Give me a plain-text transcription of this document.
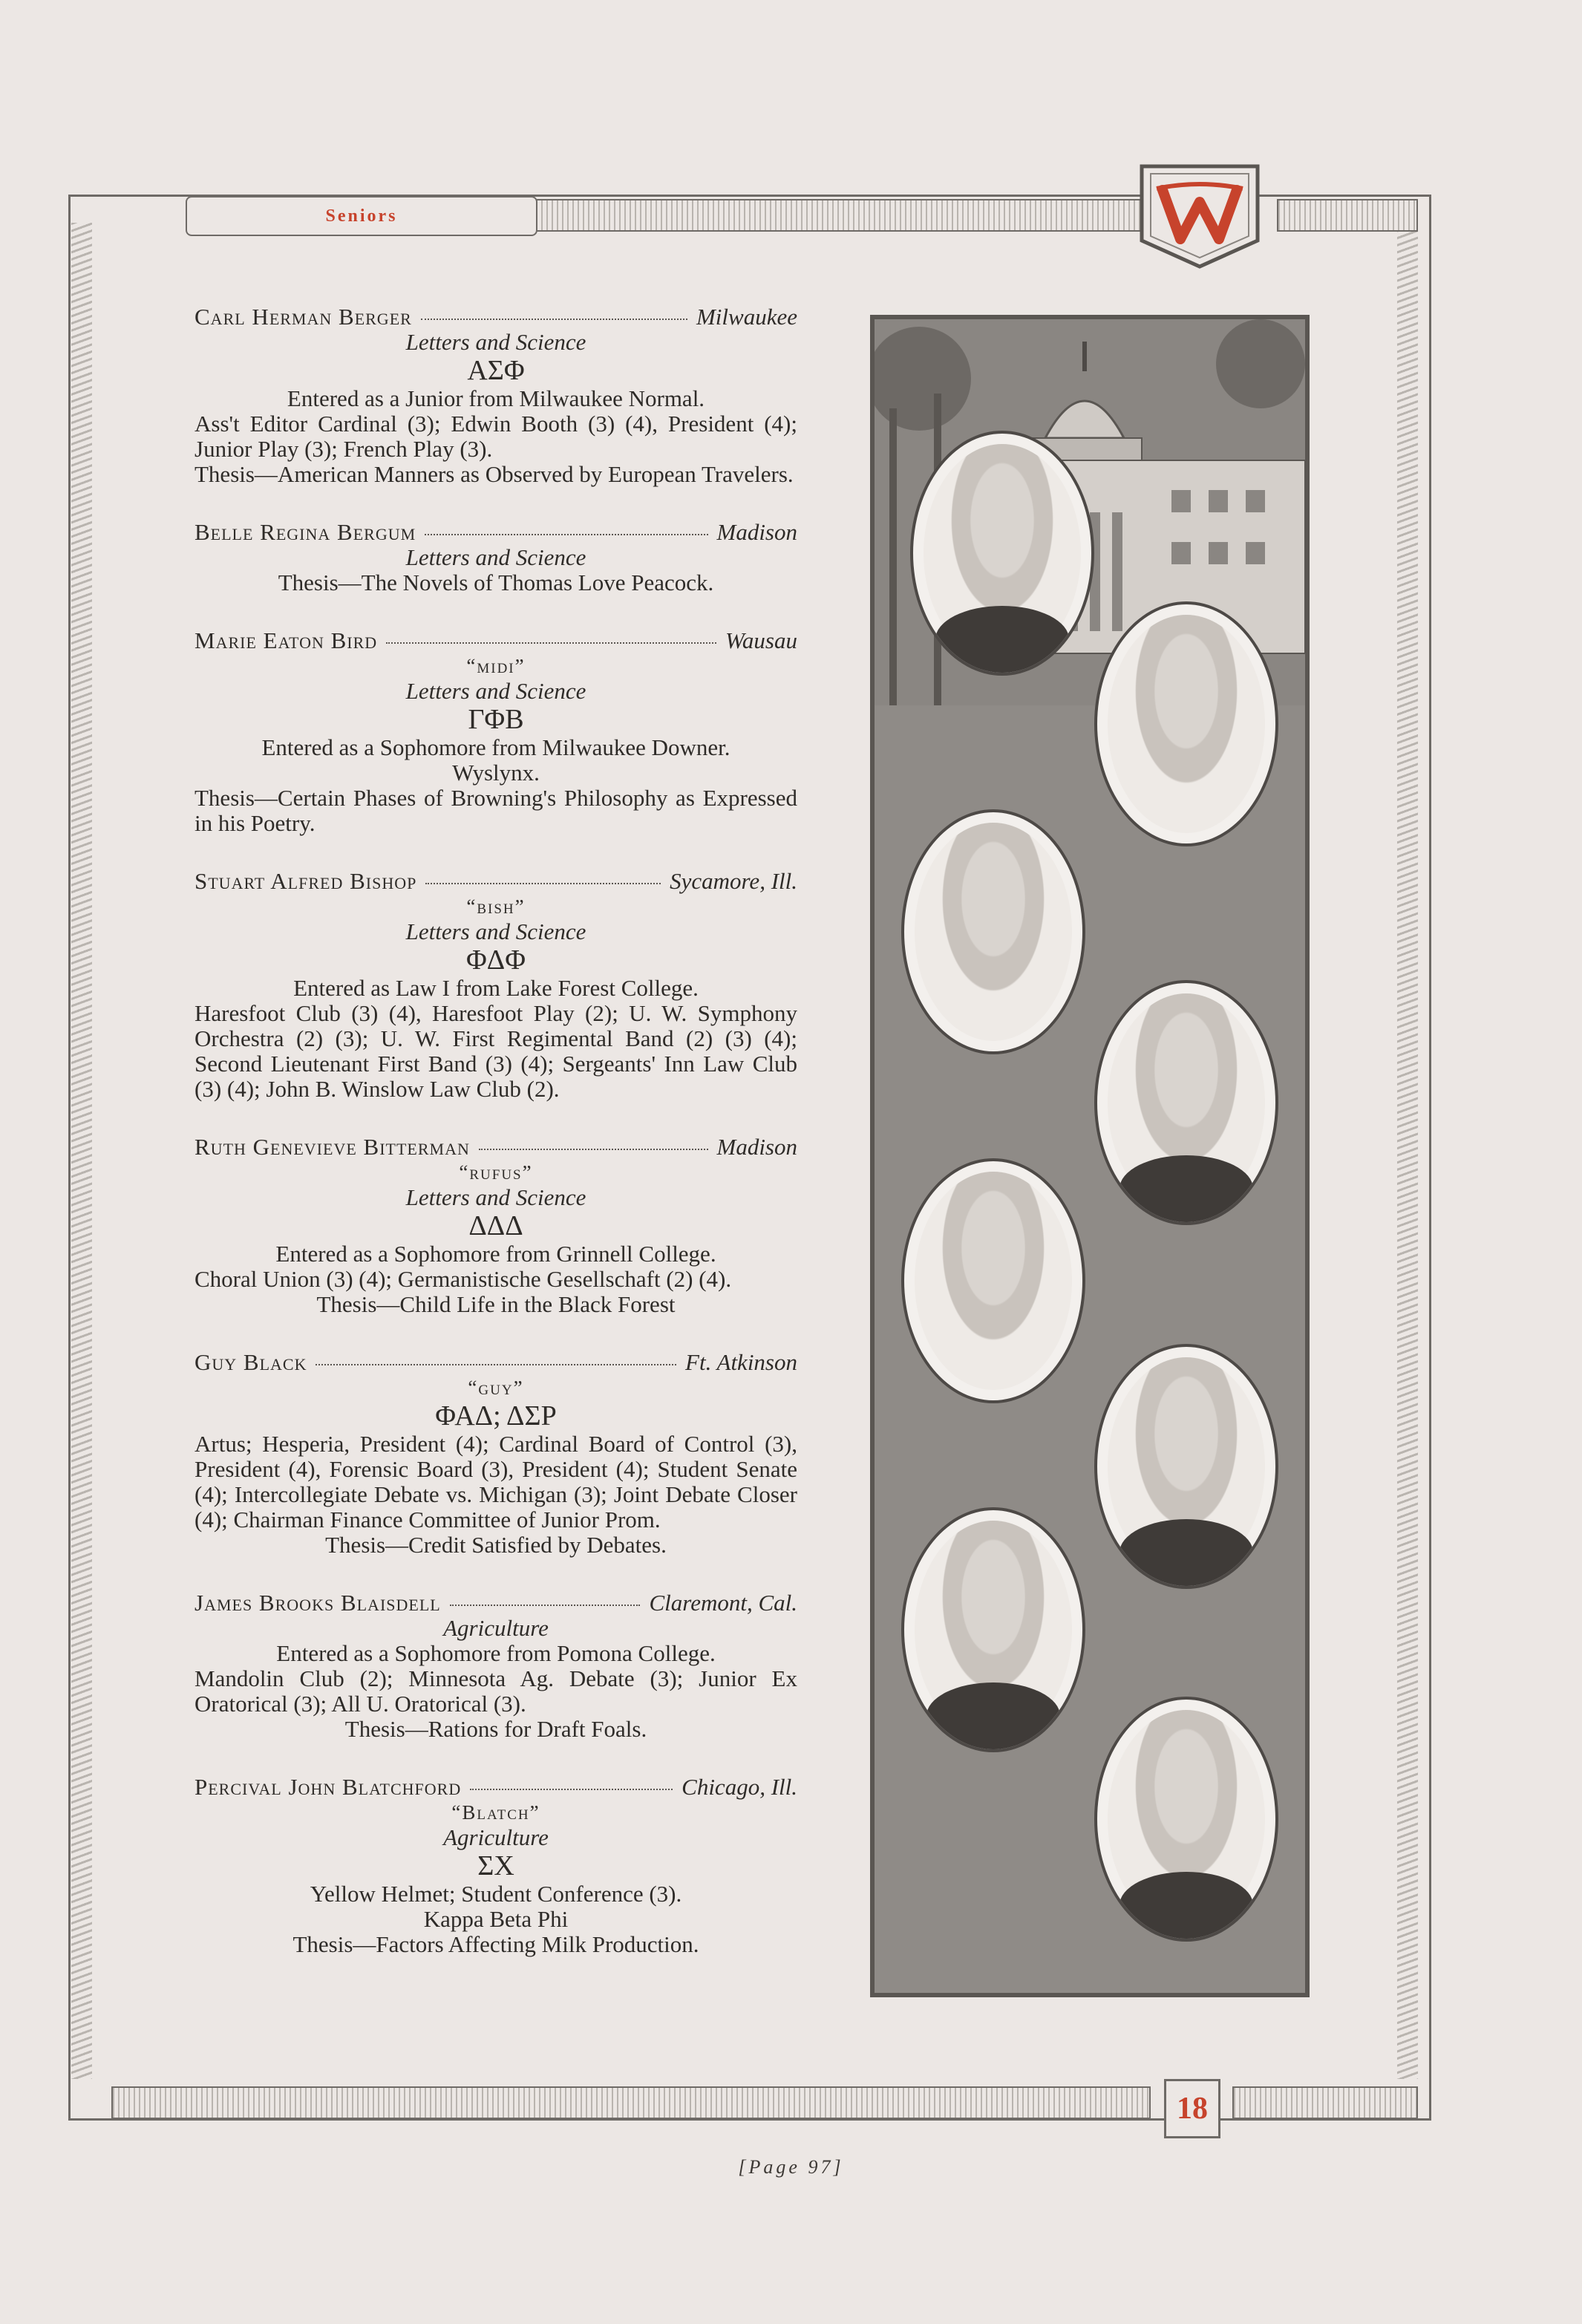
Seniors
18
Carl Herman Berger	Milwaukee
Letters and Science
ΑΣΦ
Entered as a Junior from Milwaukee Normal.
Ass't Editor Cardinal (3); Edwin Booth (3) (4), President (4); Junior Play (3); French Play (3).
Thesis—American Manners as Observed by European Travelers.
Belle Regina Bergum	Madison
Letters and Science
Thesis—The Novels of Thomas Love Peacock.
Marie Eaton Bird	Wausau
“midi”
Letters and Science
ΓΦΒ
Entered as a Sophomore from Milwaukee Downer.
Wyslynx.
Thesis—Certain Phases of Browning's Philosophy as Expressed in his Poetry.
Stuart Alfred Bishop	Sycamore, Ill.
“bish”
Letters and Science
ΦΔΦ
Entered as Law I from Lake Forest College.
Haresfoot Club (3) (4), Haresfoot Play (2); U. W. Symphony Orchestra (2) (3); U. W. First Regimental Band (2) (3) (4); Second Lieutenant First Band (3) (4); Sergeants' Inn Law Club (3) (4); John B. Winslow Law Club (2).
Ruth Genevieve Bitterman	Madison
“rufus”
Letters and Science
ΔΔΔ
Entered as a Sophomore from Grinnell College.
Choral Union (3) (4); Germanistische Gesellschaft (2) (4).
Thesis—Child Life in the Black Forest
Guy Black	Ft. Atkinson
“guy”
ΦΑΔ; ΔΣΡ
Artus; Hesperia, President (4); Cardinal Board of Control (3), President (4), Forensic Board (3), President (4); Student Senate (4); Intercollegiate Debate vs. Michigan (3); Joint Debate Closer (4); Chairman Finance Committee of Junior Prom.
Thesis—Credit Satisfied by Debates.
James Brooks Blaisdell	Claremont, Cal.
Agriculture
Entered as a Sophomore from Pomona College.
Mandolin Club (2); Minnesota Ag. Debate (3); Junior Ex Oratorical (3); All U. Oratorical (3).
Thesis—Rations for Draft Foals.
Percival John Blatchford	Chicago, Ill.
“Blatch”
Agriculture
ΣΧ
Yellow Helmet; Student Conference (3).
Kappa Beta Phi
Thesis—Factors Affecting Milk Production.
[Page 97]
